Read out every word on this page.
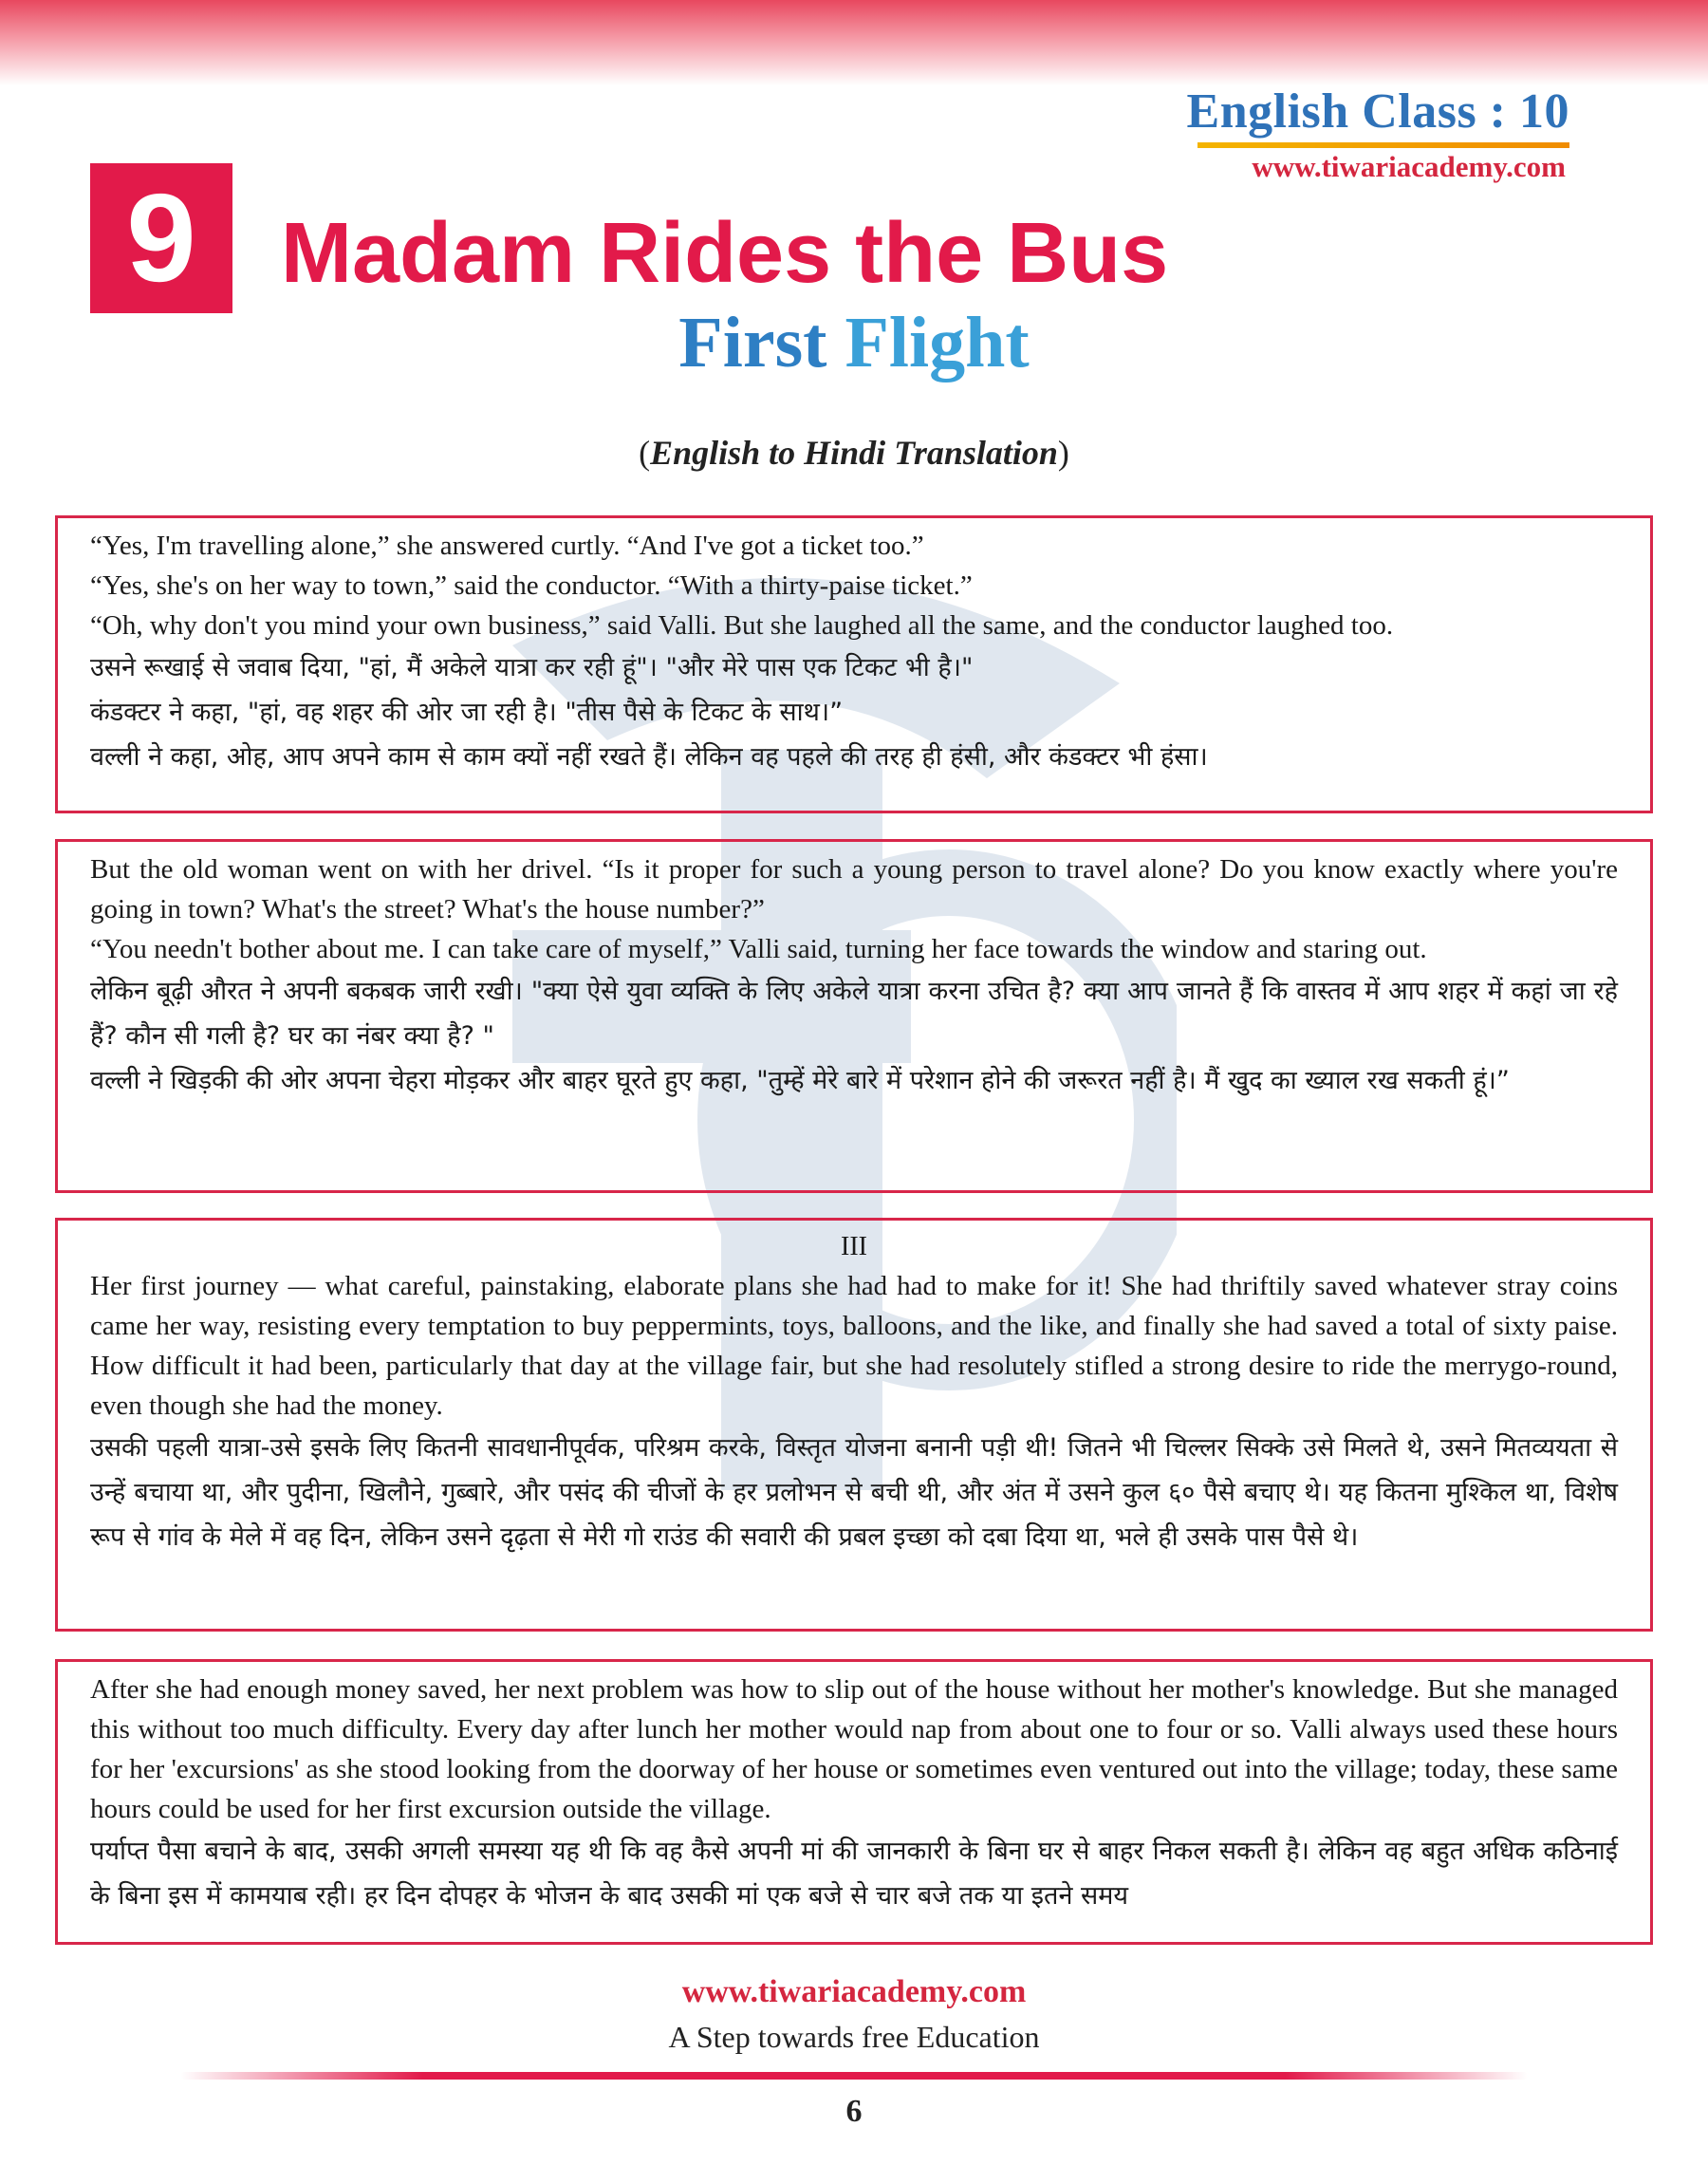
English Class : 10
www.tiwariacademy.com
9 Madam Rides the Bus
First Flight
(English to Hindi Translation)

“Yes, I'm travelling alone,” she answered curtly. “And I've got a ticket too.”

“Yes, she's on her way to town,” said the conductor. “With a thirty-paise ticket.”

“Oh, why don't you mind your own business,” said Valli. But she laughed all the same, and the conductor laughed too.

उसने रूखाई से जवाब दिया, "हां, मैं अकेले यात्रा कर रही हूं"। "और मेरे पास एक टिकट भी है।"

कंडक्टर ने कहा, "हां, वह शहर की ओर जा रही है। "तीस पैसे के टिकट के साथ।”

वल्ली ने कहा, ओह, आप अपने काम से काम क्यों नहीं रखते हैं। लेकिन वह पहले की तरह ही हंसी, और कंडक्टर भी हंसा।

But the old woman went on with her drivel. “Is it proper for such a young person to travel alone? Do you know exactly where you're going in town? What's the street? What's the house number?”

“You needn't bother about me. I can take care of myself,” Valli said, turning her face towards the window and staring out.

लेकिन बूढ़ी औरत ने अपनी बकबक जारी रखी। "क्या ऐसे युवा व्यक्ति के लिए अकेले यात्रा करना उचित है? क्या आप जानते हैं कि वास्तव में आप शहर में कहां जा रहे हैं? कौन सी गली है? घर का नंबर क्या है? "

वल्ली ने खिड़की की ओर अपना चेहरा मोड़कर और बाहर घूरते हुए कहा, "तुम्हें मेरे बारे में परेशान होने की जरूरत नहीं है। मैं खुद का ख्याल रख सकती हूं।”

III

Her first journey — what careful, painstaking, elaborate plans she had had to make for it! She had thriftily saved whatever stray coins came her way, resisting every temptation to buy peppermints, toys, balloons, and the like, and finally she had saved a total of sixty paise. How difficult it had been, particularly that day at the village fair, but she had resolutely stifled a strong desire to ride the merrygo-round, even though she had the money.

उसकी पहली यात्रा-उसे इसके लिए कितनी सावधानीपूर्वक, परिश्रम करके, विस्तृत योजना बनानी पड़ी थी! जितने भी चिल्लर सिक्के उसे मिलते थे, उसने मितव्ययता से उन्हें बचाया था, और पुदीना, खिलौने, गुब्बारे, और पसंद की चीजों के हर प्रलोभन से बची थी, और अंत में उसने कुल ६० पैसे बचाए थे। यह कितना मुश्किल था, विशेष रूप से गांव के मेले में वह दिन, लेकिन उसने दृढ़ता से मेरी गो राउंड की सवारी की प्रबल इच्छा को दबा दिया था, भले ही उसके पास पैसे थे।

After she had enough money saved, her next problem was how to slip out of the house without her mother's knowledge. But she managed this without too much difficulty. Every day after lunch her mother would nap from about one to four or so. Valli always used these hours for her 'excursions' as she stood looking from the doorway of her house or sometimes even ventured out into the village; today, these same hours could be used for her first excursion outside the village.

पर्याप्त पैसा बचाने के बाद, उसकी अगली समस्या यह थी कि वह कैसे अपनी मां की जानकारी के बिना घर से बाहर निकल सकती है। लेकिन वह बहुत अधिक कठिनाई के बिना इस में कामयाब रही। हर दिन दोपहर के भोजन के बाद उसकी मां एक बजे से चार बजे तक या इतने समय

www.tiwariacademy.com
A Step towards free Education
6
